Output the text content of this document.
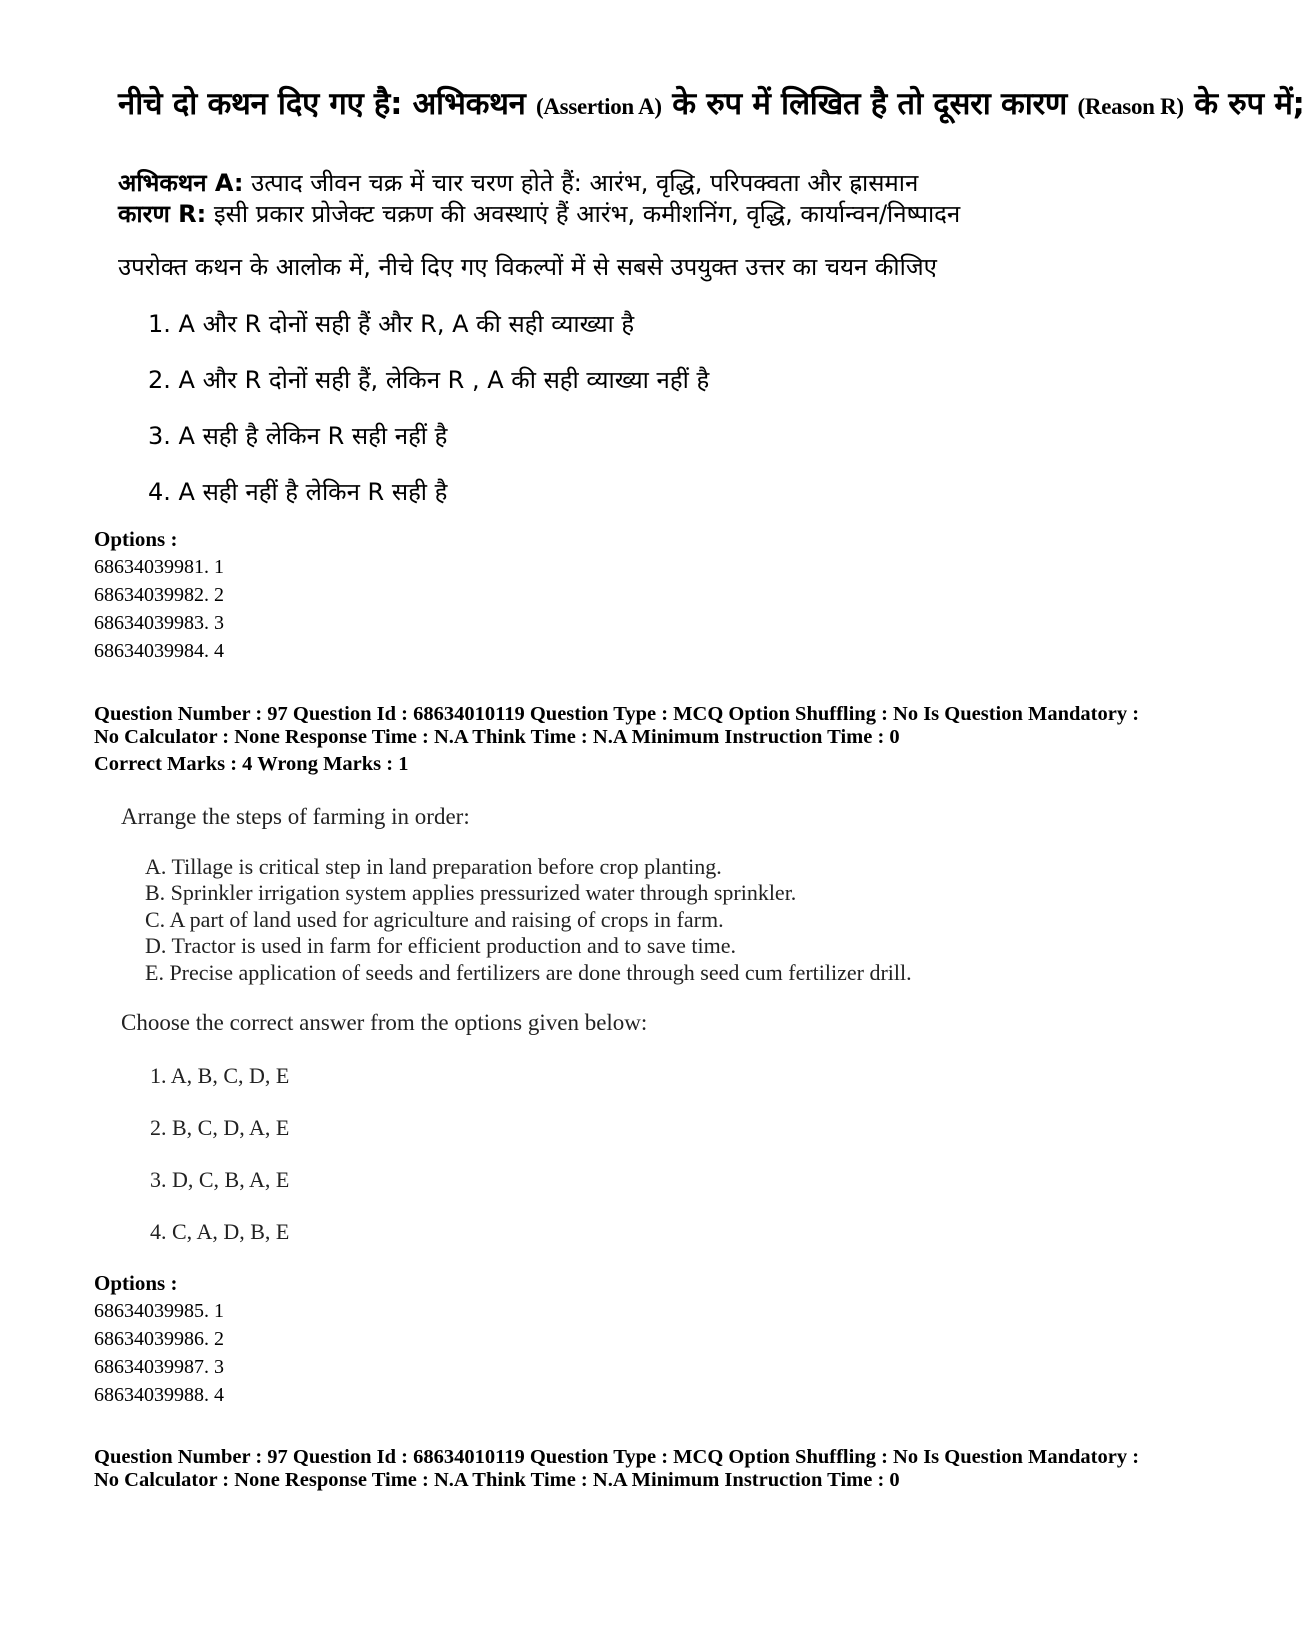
नीचे दो कथन दिए गए है: अभिकथन (Assertion A) के रुप में लिखित है तो दूसरा कारण (Reason R) के रुप में;
अभिकथन A: उत्पाद जीवन चक्र में चार चरण होते हैं: आरंभ, वृद्धि, परिपक्वता और ह्रासमान
कारण R: इसी प्रकार प्रोजेक्ट चक्रण की अवस्थाएं हैं आरंभ, कमीशनिंग, वृद्धि, कार्यान्वन/निष्पादन
उपरोक्त कथन के आलोक में, नीचे दिए गए विकल्पों में से सबसे उपयुक्त उत्तर का चयन कीजिए
1. A और R दोनों सही हैं और R, A की सही व्याख्या है
2. A और R दोनों सही हैं, लेकिन R , A की सही व्याख्या नहीं है
3. A सही है लेकिन R सही नहीं है
4. A सही नहीं है लेकिन R सही है
Options :
68634039981. 1
68634039982. 2
68634039983. 3
68634039984. 4
Question Number : 97 Question Id : 68634010119 Question Type : MCQ Option Shuffling : No Is Question Mandatory :
No Calculator : None Response Time : N.A Think Time : N.A Minimum Instruction Time : 0
Correct Marks : 4 Wrong Marks : 1
Arrange the steps of farming in order:
A. Tillage is critical step in land preparation before crop planting.
B. Sprinkler irrigation system applies pressurized water through sprinkler.
C. A part of land used for agriculture and raising of crops in farm.
D. Tractor is used in farm for efficient production and to save time.
E. Precise application of seeds and fertilizers are done through seed cum fertilizer drill.
Choose the correct answer from the options given below:
1. A, B, C, D, E
2. B, C, D, A, E
3. D, C, B, A, E
4. C, A, D, B, E
Options :
68634039985. 1
68634039986. 2
68634039987. 3
68634039988. 4
Question Number : 97 Question Id : 68634010119 Question Type : MCQ Option Shuffling : No Is Question Mandatory :
No Calculator : None Response Time : N.A Think Time : N.A Minimum Instruction Time : 0
